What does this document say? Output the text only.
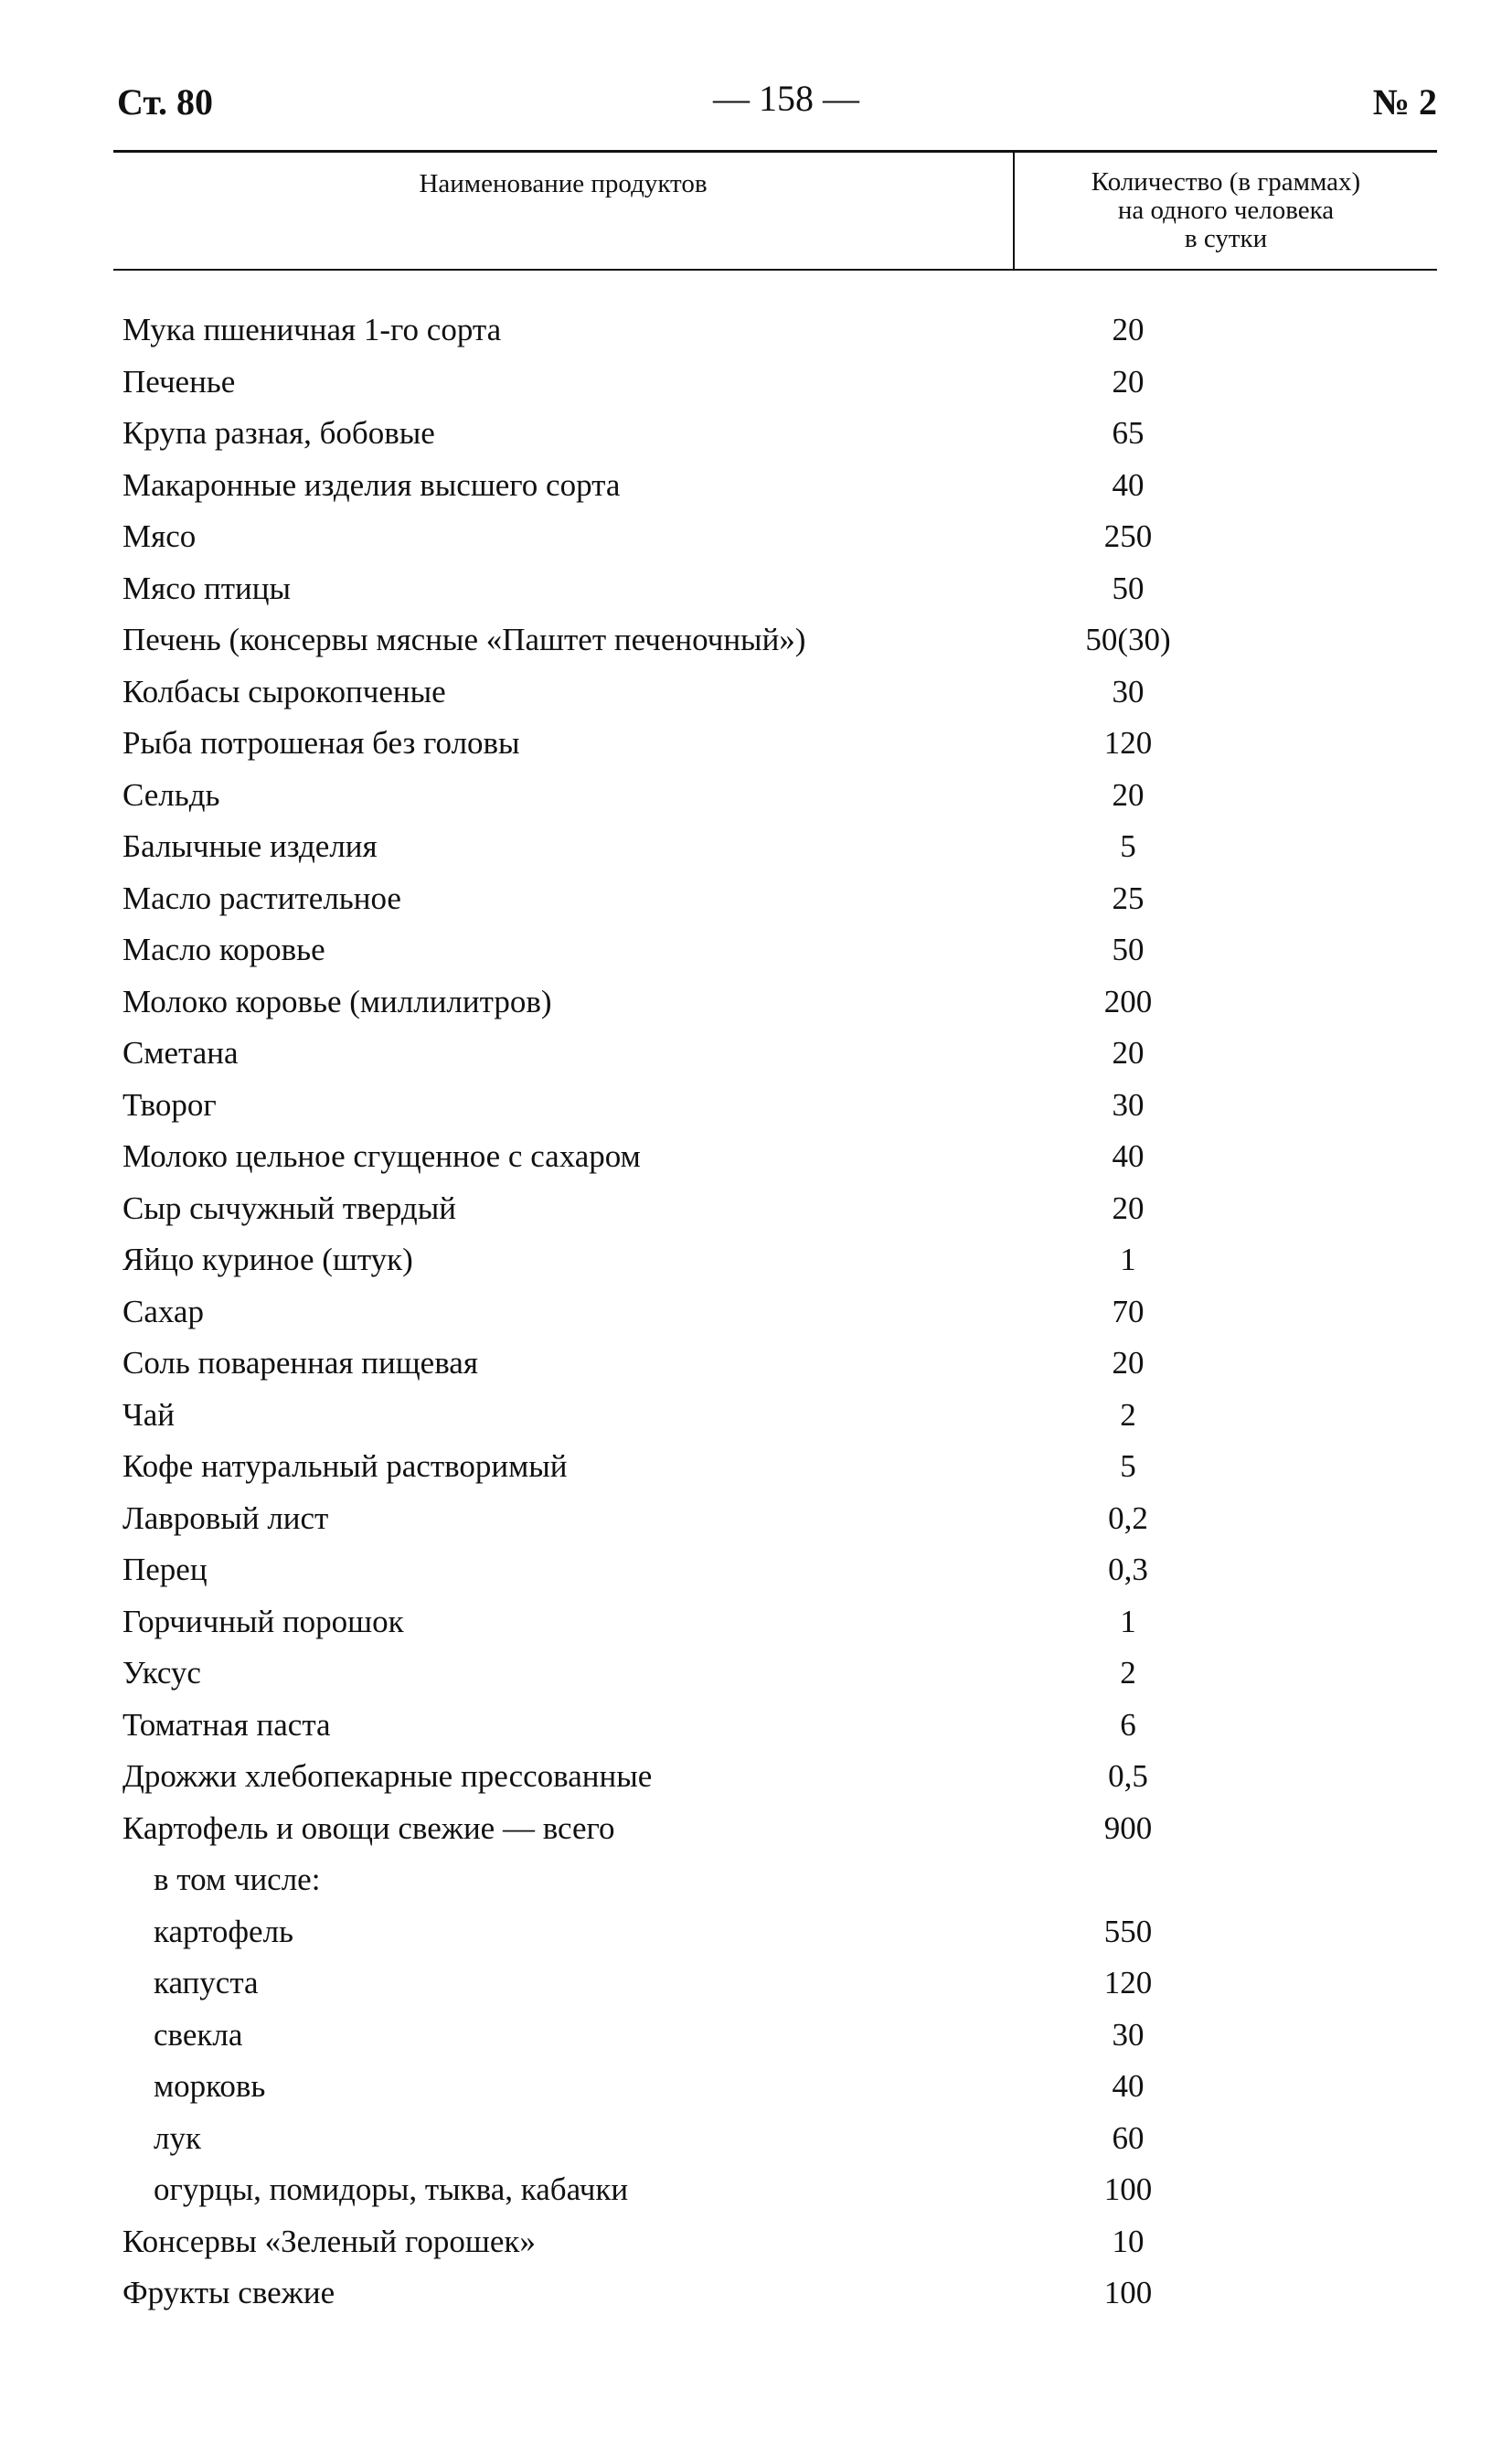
Ст. 80	— 158 —	№ 2
Наименование продуктов	Количество (в граммах)
на одного человека
в сутки
Мука пшеничная 1-го сорта	20
Печенье	20
Крупа разная, бобовые	65
Макаронные изделия высшего сорта	40
Мясо	250
Мясо птицы	50
Печень (консервы мясные «Паштет печеночный»)	50(30)
Колбасы сырокопченые	30
Рыба потрошеная без головы	120
Сельдь	20
Балычные изделия	5
Масло растительное	25
Масло коровье	50
Молоко коровье (миллилитров)	200
Сметана	20
Творог	30
Молоко цельное сгущенное с сахаром	40
Сыр сычужный твердый	20
Яйцо куриное (штук)	1
Сахар	70
Соль поваренная пищевая	20
Чай	2
Кофе натуральный растворимый	5
Лавровый лист	0,2
Перец	0,3
Горчичный порошок	1
Уксус	2
Томатная паста	6
Дрожжи хлебопекарные прессованные	0,5
Картофель и овощи свежие — всего	900
в том числе:
картофель	550
капуста	120
свекла	30
морковь	40
лук	60
огурцы, помидоры, тыква, кабачки	100
Консервы «Зеленый горошек»	10
Фрукты свежие	100
